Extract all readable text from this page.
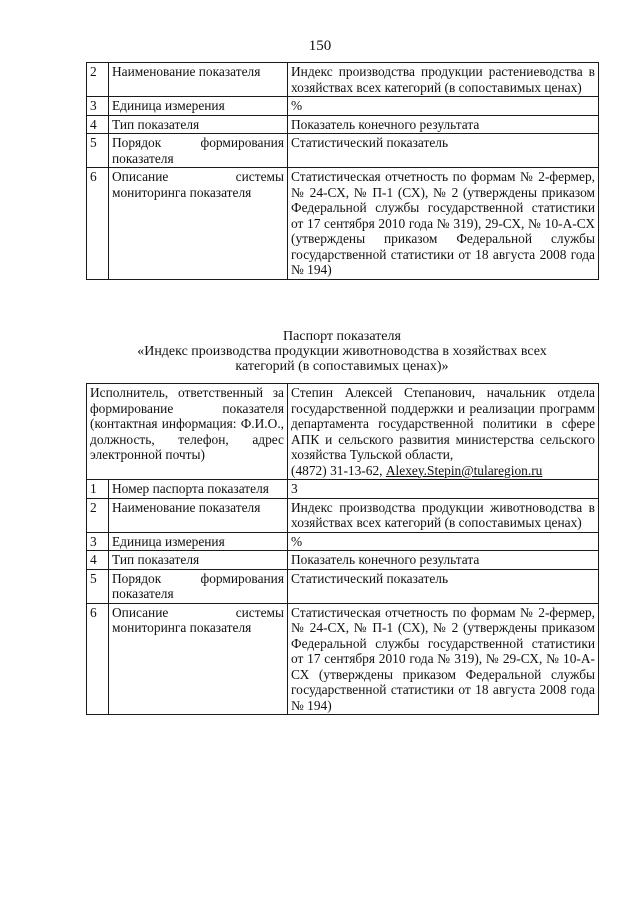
150
2	Наименование показателя	Индекс производства продукции растениеводства в хозяйствах всех категорий (в сопоставимых ценах)
3	Единица измерения	%
4	Тип показателя	Показатель конечного результата
5	Порядок формирования показателя	Статистический показатель
6	Описание системы мониторинга показателя	Статистическая отчетность по формам № 2-фермер, № 24-СХ, № П-1 (СХ), № 2 (утверждены приказом Федеральной службы государственной статистики от 17 сентября 2010 года № 319), 29-СХ, № 10-А-СХ (утверждены приказом Федеральной службы государственной статистики от 18 августа 2008 года № 194)
Паспорт показателя
«Индекс производства продукции животноводства в хозяйствах всех
категорий (в сопоставимых ценах)»
Исполнитель, ответственный за формирование показателя (контактная информация: Ф.И.О., должность, телефон, адрес электронной почты)		Степин Алексей Степанович, начальник отдела государственной поддержки и реализации программ департамента государственной политики в сфере АПК и сельского развития министерства сельского хозяйства Тульской области,
(4872) 31-13-62, Alexey.Stepin@tularegion.ru
1	Номер паспорта показателя	3
2	Наименование показателя	Индекс производства продукции животноводства в хозяйствах всех категорий (в сопоставимых ценах)
3	Единица измерения	%
4	Тип показателя	Показатель конечного результата
5	Порядок формирования показателя	Статистический показатель
6	Описание системы мониторинга показателя	Статистическая отчетность по формам № 2-фермер, № 24-СХ, № П-1 (СХ), № 2 (утверждены приказом Федеральной службы государственной статистики от 17 сентября 2010 года № 319), № 29-СХ, № 10-А-СХ (утверждены приказом Федеральной службы государственной статистики от 18 августа 2008 года № 194)
